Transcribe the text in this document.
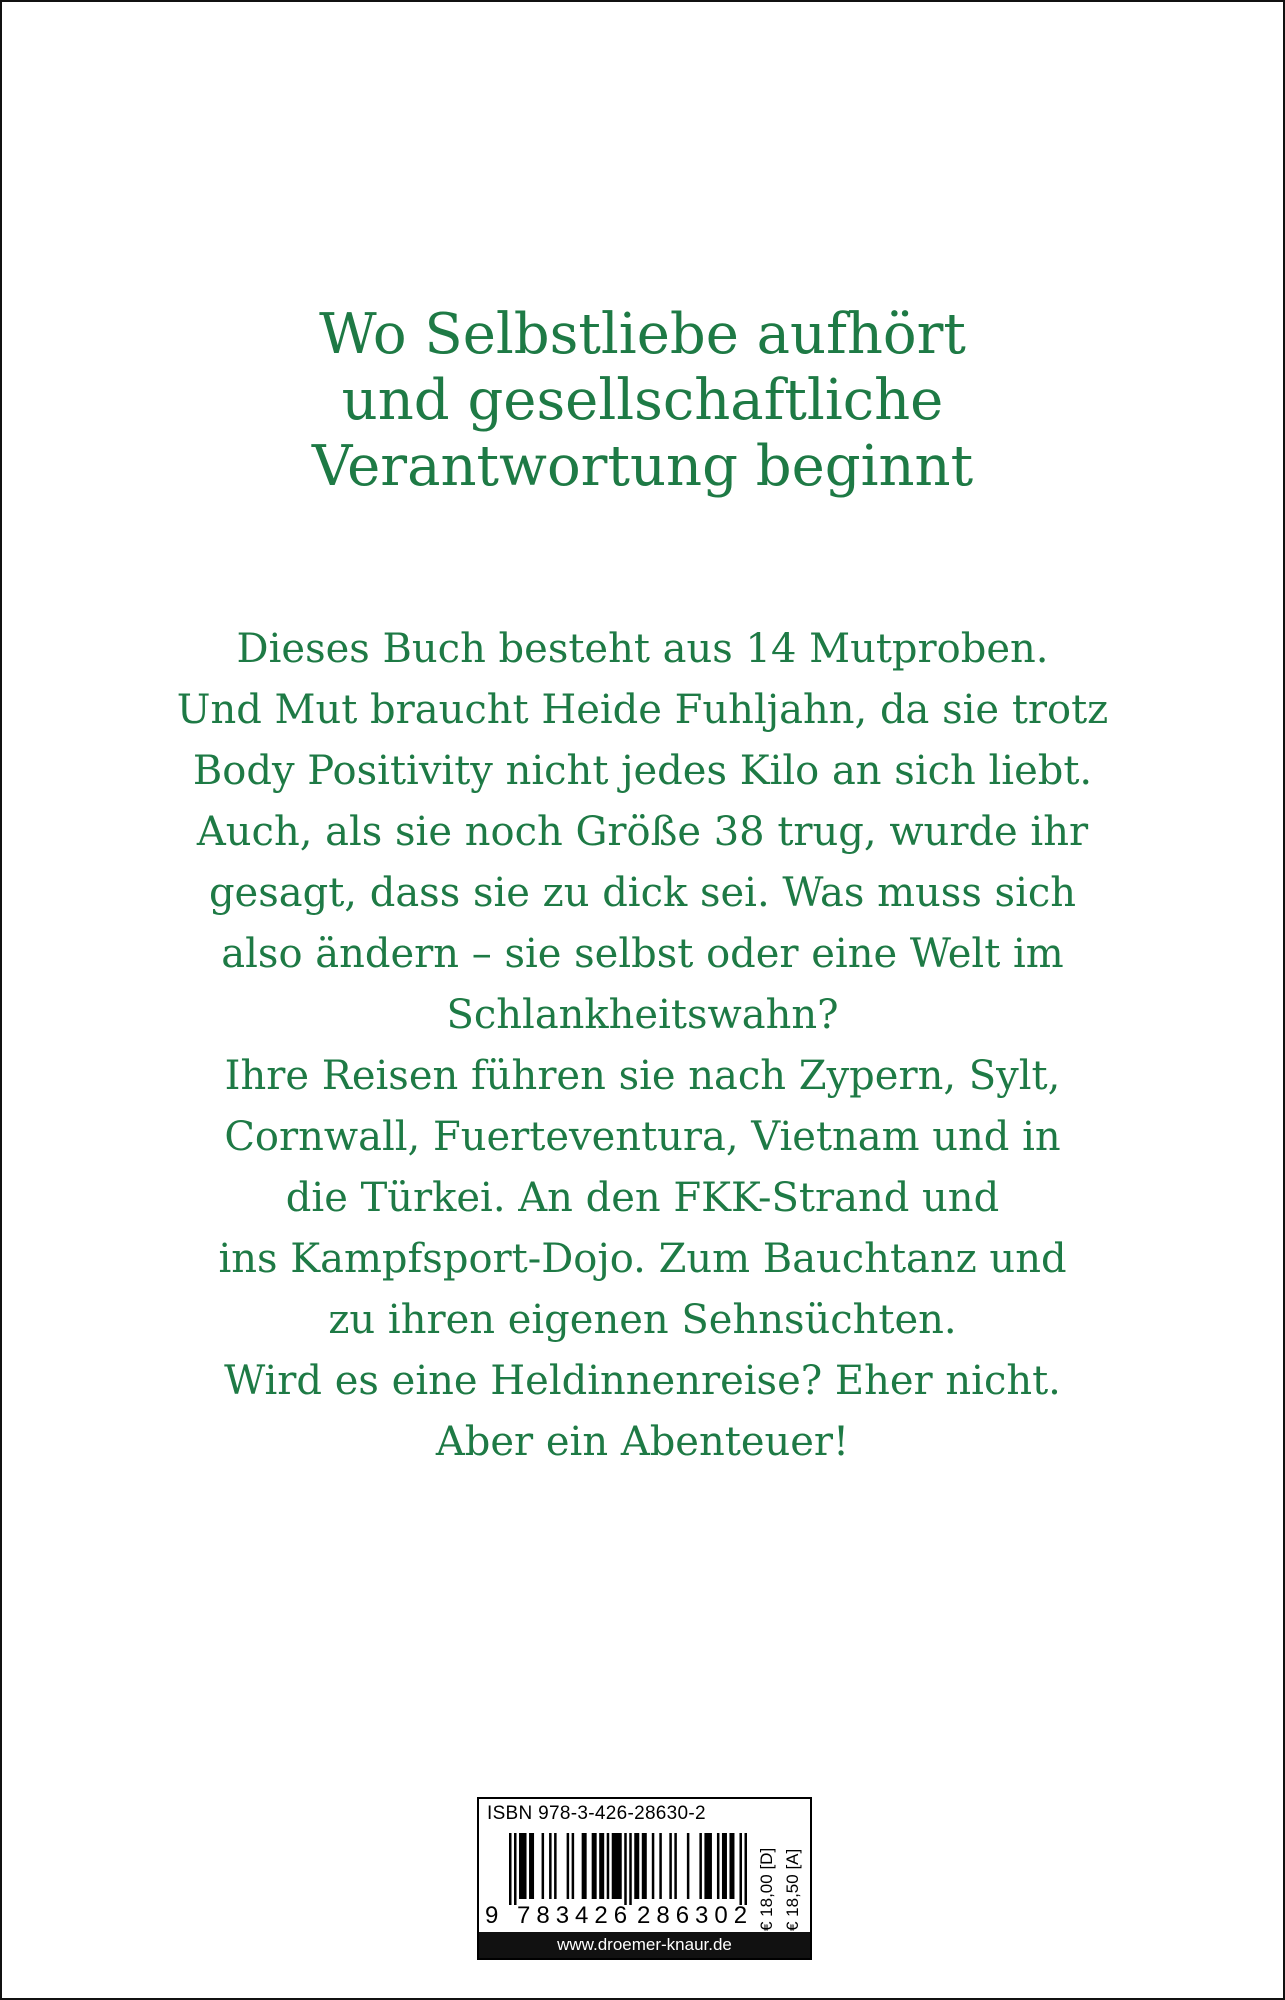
Wo Selbstliebe aufhört
und gesellschaftliche
Verantwortung beginnt
Dieses Buch besteht aus 14 Mutproben.
Und Mut braucht Heide Fuhljahn, da sie trotz
Body Positivity nicht jedes Kilo an sich liebt.
Auch, als sie noch Größe 38 trug, wurde ihr
gesagt, dass sie zu dick sei. Was muss sich
also ändern – sie selbst oder eine Welt im
Schlankheitswahn?
Ihre Reisen führen sie nach Zypern, Sylt,
Cornwall, Fuerteventura, Vietnam und in
die Türkei. An den FKK-Strand und
ins Kampfsport-Dojo. Zum Bauchtanz und
zu ihren eigenen Sehnsüchten.
Wird es eine Heldinnenreise? Eher nicht.
Aber ein Abenteuer!
ISBN 978-3-426-28630-2
9 783426 286302 € 18,00 [D] € 18,50 [A]
www.droemer-knaur.de
